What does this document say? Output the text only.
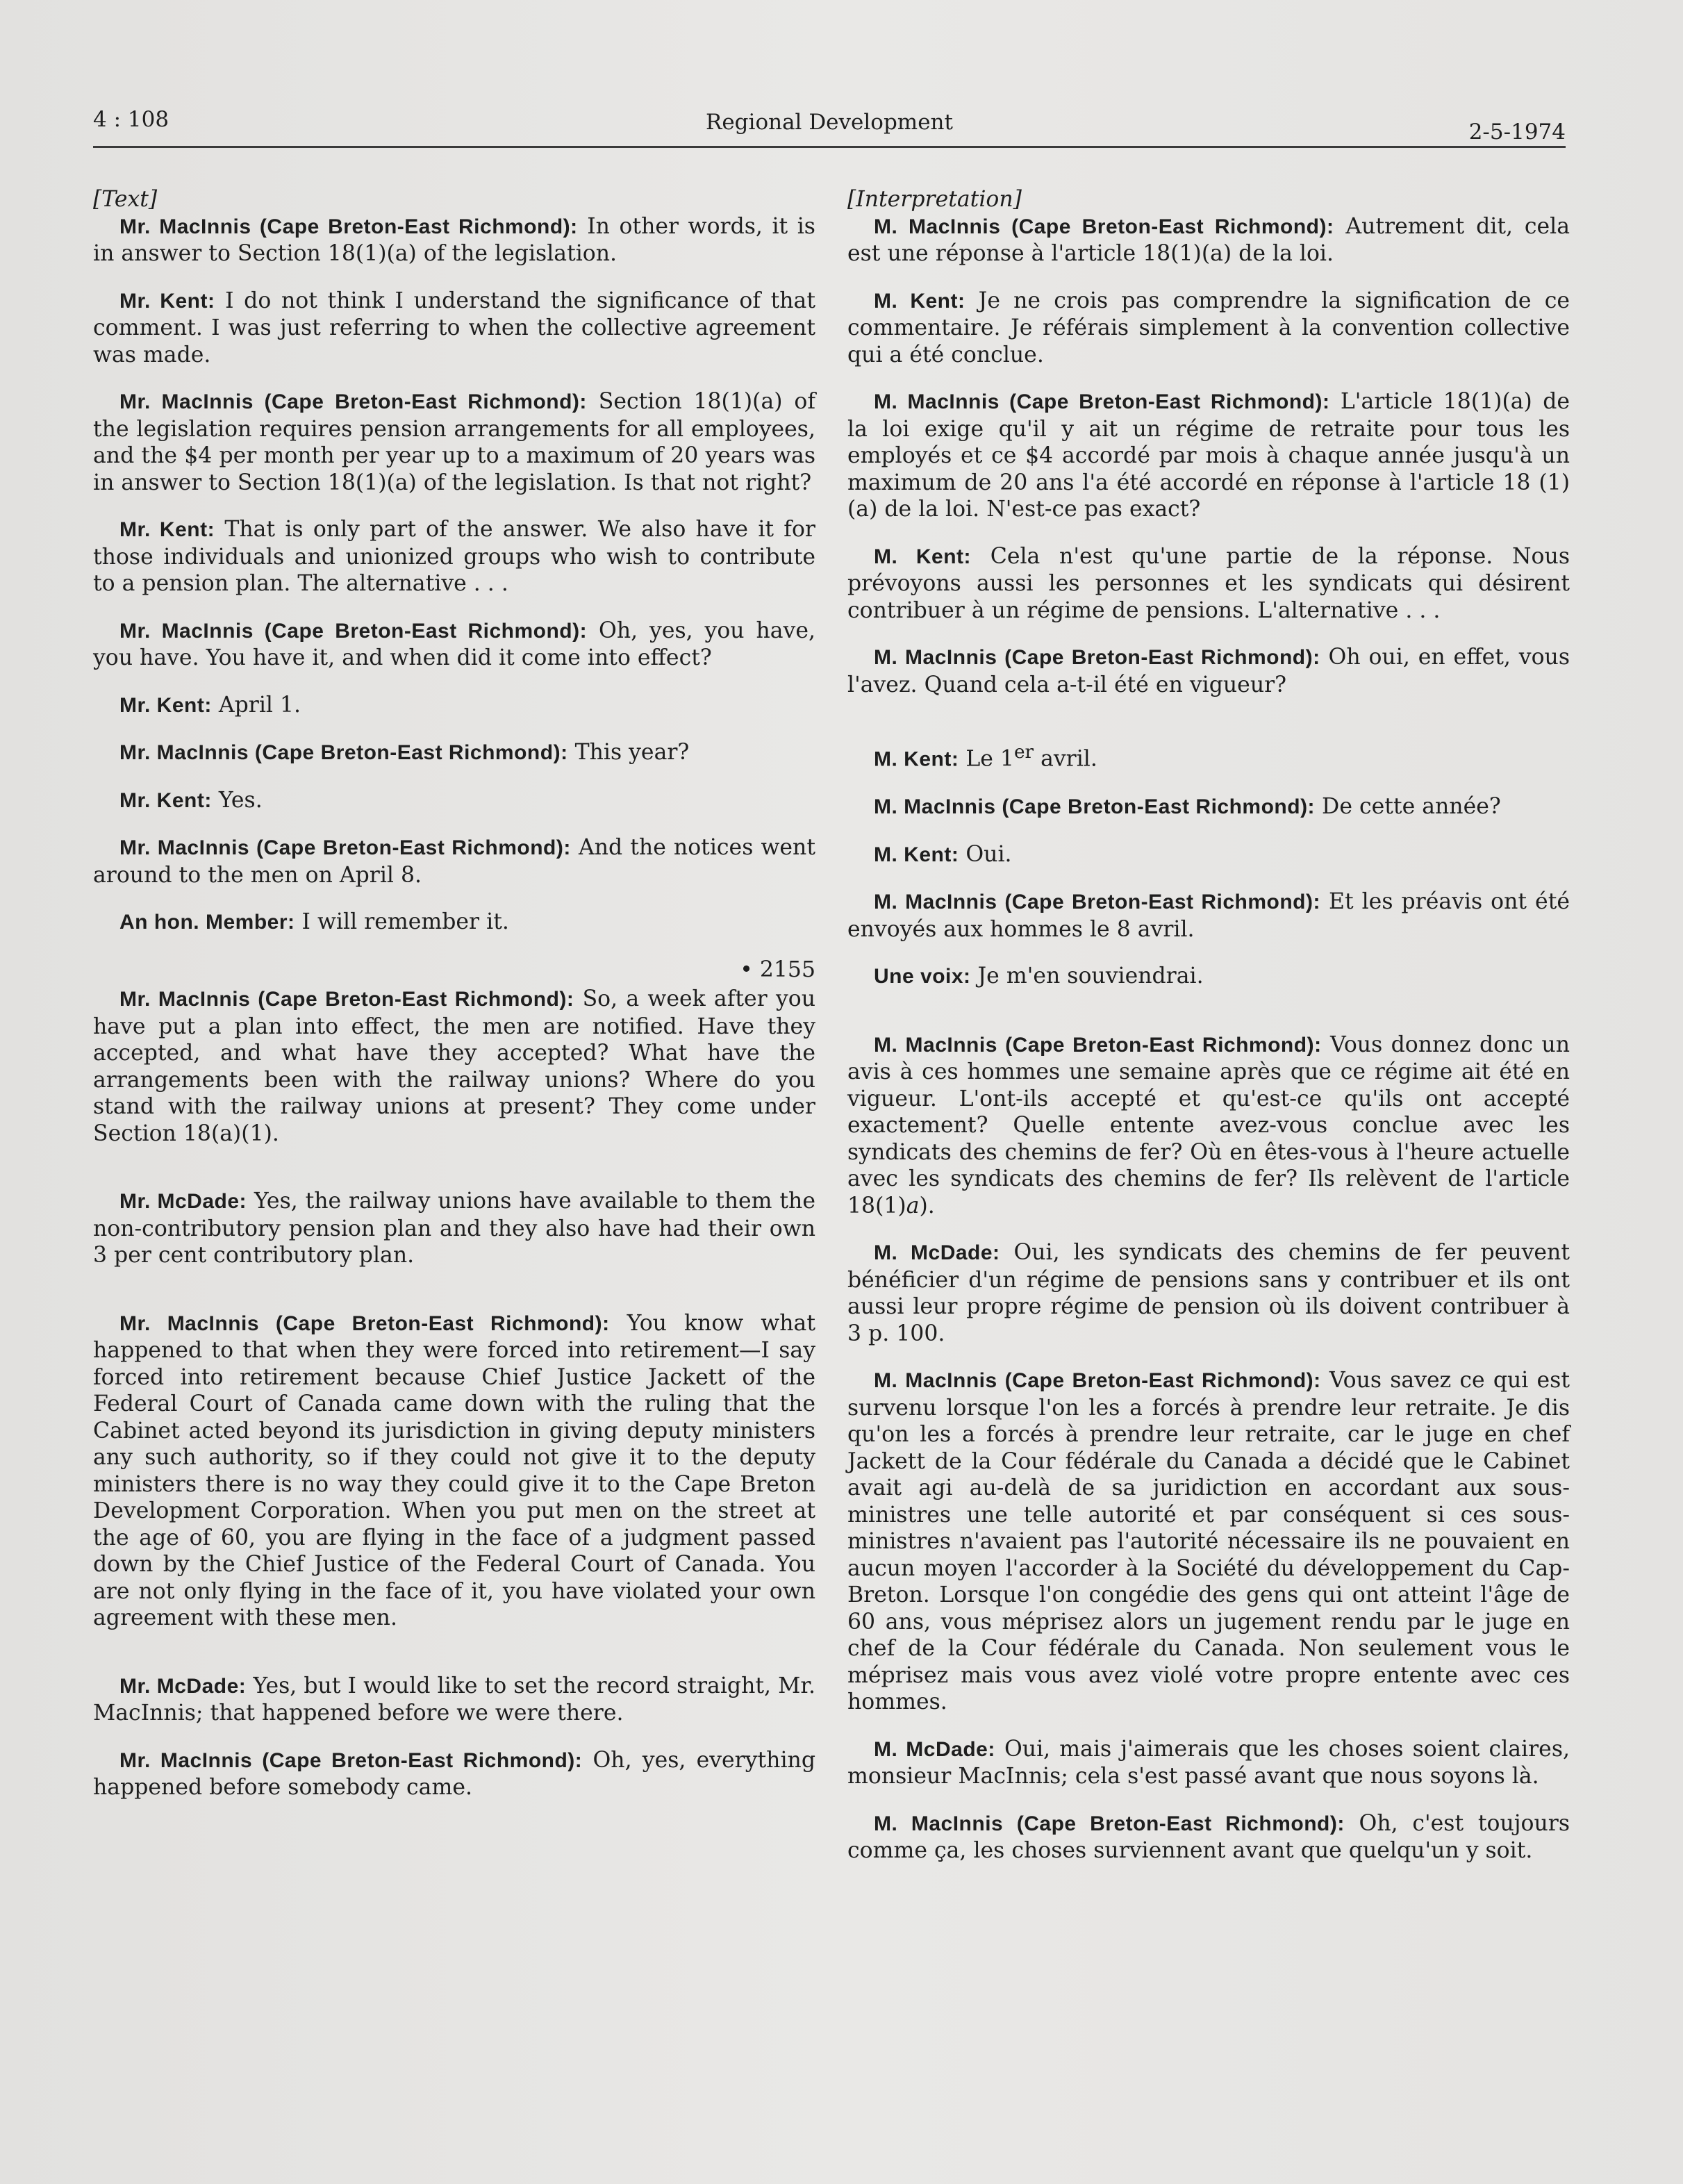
4 : 108	Regional Development	2-5-1974

[Text]

Mr. MacInnis (Cape Breton-East Richmond): In other words, it is in answer to Section 18(1)(a) of the legislation.

Mr. Kent: I do not think I understand the significance of that comment. I was just referring to when the collective agreement was made.

Mr. MacInnis (Cape Breton-East Richmond): Section 18(1)(a) of the legislation requires pension arrangements for all employees, and the $4 per month per year up to a maximum of 20 years was in answer to Section 18(1)(a) of the legislation. Is that not right?

Mr. Kent: That is only part of the answer. We also have it for those individuals and unionized groups who wish to contribute to a pension plan. The alternative . . .

Mr. MacInnis (Cape Breton-East Richmond): Oh, yes, you have, you have. You have it, and when did it come into effect?

Mr. Kent: April 1.

Mr. MacInnis (Cape Breton-East Richmond): This year?

Mr. Kent: Yes.

Mr. MacInnis (Cape Breton-East Richmond): And the notices went around to the men on April 8.

An hon. Member: I will remember it.

• 2155

Mr. MacInnis (Cape Breton-East Richmond): So, a week after you have put a plan into effect, the men are notified. Have they accepted, and what have they accepted? What have the arrangements been with the railway unions? Where do you stand with the railway unions at present? They come under Section 18(a)(1).

Mr. McDade: Yes, the railway unions have available to them the non-contributory pension plan and they also have had their own 3 per cent contributory plan.

Mr. MacInnis (Cape Breton-East Richmond): You know what happened to that when they were forced into retirement—I say forced into retirement because Chief Justice Jackett of the Federal Court of Canada came down with the ruling that the Cabinet acted beyond its jurisdiction in giving deputy ministers any such authority, so if they could not give it to the deputy ministers there is no way they could give it to the Cape Breton Development Corporation. When you put men on the street at the age of 60, you are flying in the face of a judgment passed down by the Chief Justice of the Federal Court of Canada. You are not only flying in the face of it, you have violated your own agreement with these men.

Mr. McDade: Yes, but I would like to set the record straight, Mr. MacInnis; that happened before we were there.

Mr. MacInnis (Cape Breton-East Richmond): Oh, yes, everything happened before somebody came.

[Interpretation]

M. MacInnis (Cape Breton-East Richmond): Autrement dit, cela est une réponse à l'article 18(1)(a) de la loi.

M. Kent: Je ne crois pas comprendre la signification de ce commentaire. Je référais simplement à la convention collective qui a été conclue.

M. MacInnis (Cape Breton-East Richmond): L'article 18(1)(a) de la loi exige qu'il y ait un régime de retraite pour tous les employés et ce $4 accordé par mois à chaque année jusqu'à un maximum de 20 ans l'a été accordé en réponse à l'article 18 (1)(a) de la loi. N'est-ce pas exact?

M. Kent: Cela n'est qu'une partie de la réponse. Nous prévoyons aussi les personnes et les syndicats qui désirent contribuer à un régime de pensions. L'alternative . . .

M. MacInnis (Cape Breton-East Richmond): Oh oui, en effet, vous l'avez. Quand cela a-t-il été en vigueur?

M. Kent: Le 1er avril.

M. MacInnis (Cape Breton-East Richmond): De cette année?

M. Kent: Oui.

M. MacInnis (Cape Breton-East Richmond): Et les préavis ont été envoyés aux hommes le 8 avril.

Une voix: Je m'en souviendrai.

M. MacInnis (Cape Breton-East Richmond): Vous donnez donc un avis à ces hommes une semaine après que ce régime ait été en vigueur. L'ont-ils accepté et qu'est-ce qu'ils ont accepté exactement? Quelle entente avez-vous conclue avec les syndicats des chemins de fer? Où en êtes-vous à l'heure actuelle avec les syndicats des chemins de fer? Ils relèvent de l'article 18(1)a).

M. McDade: Oui, les syndicats des chemins de fer peuvent bénéficier d'un régime de pensions sans y contribuer et ils ont aussi leur propre régime de pension où ils doivent contribuer à 3 p. 100.

M. MacInnis (Cape Breton-East Richmond): Vous savez ce qui est survenu lorsque l'on les a forcés à prendre leur retraite. Je dis qu'on les a forcés à prendre leur retraite, car le juge en chef Jackett de la Cour fédérale du Canada a décidé que le Cabinet avait agi au-delà de sa juridiction en accordant aux sous-ministres une telle autorité et par conséquent si ces sous-ministres n'avaient pas l'autorité nécessaire ils ne pouvaient en aucun moyen l'accorder à la Société du développement du Cap-Breton. Lorsque l'on congédie des gens qui ont atteint l'âge de 60 ans, vous méprisez alors un jugement rendu par le juge en chef de la Cour fédérale du Canada. Non seulement vous le méprisez mais vous avez violé votre propre entente avec ces hommes.

M. McDade: Oui, mais j'aimerais que les choses soient claires, monsieur MacInnis; cela s'est passé avant que nous soyons là.

M. MacInnis (Cape Breton-East Richmond): Oh, c'est toujours comme ça, les choses surviennent avant que quelqu'un y soit.
